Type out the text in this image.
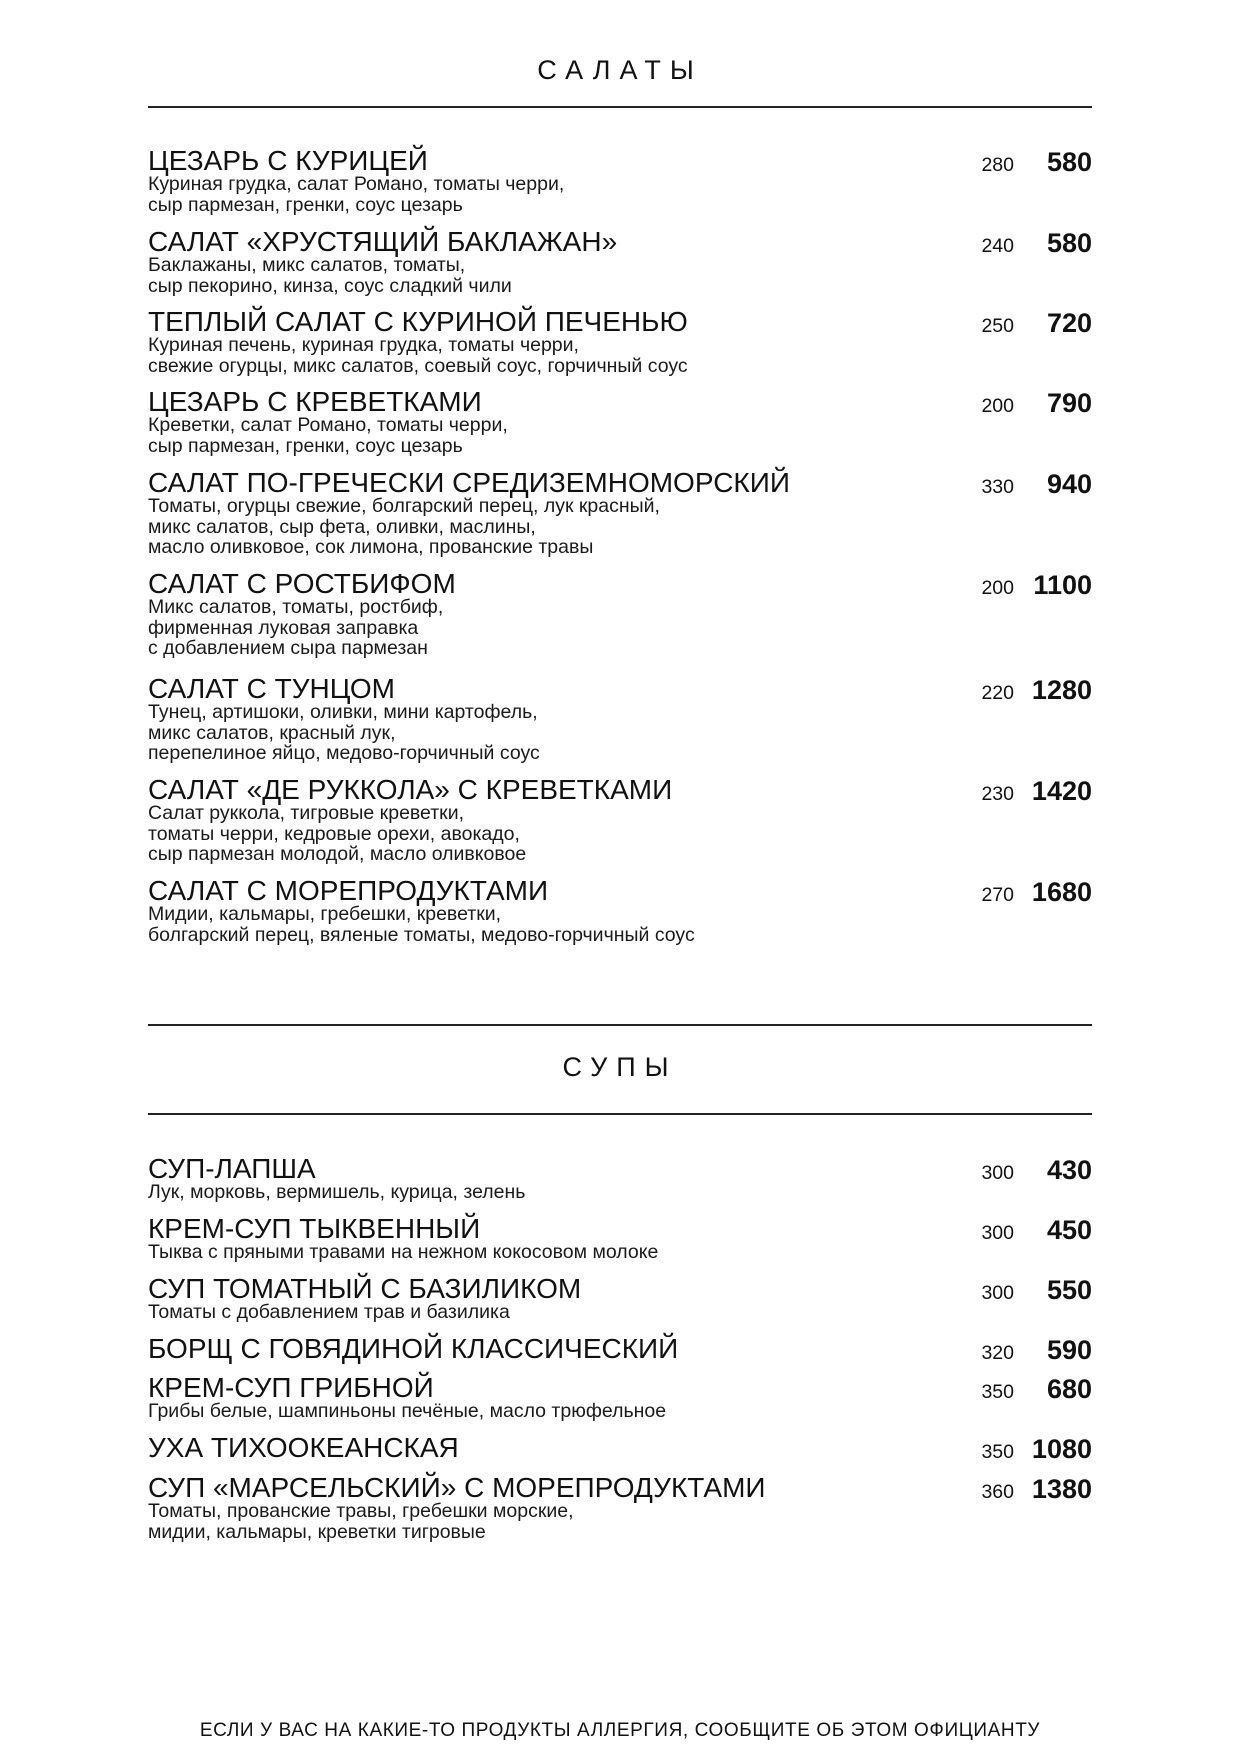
САЛАТЫ
ЦЕЗАРЬ С КУРИЦЕЙ
Куриная грудка, салат Романо, томаты черри,
сыр пармезан, гренки, соус цезарь
280	580
САЛАТ «ХРУСТЯЩИЙ БАКЛАЖАН»
Баклажаны, микс салатов, томаты,
сыр пекорино, кинза, соус сладкий чили
240	580
ТЕПЛЫЙ САЛАТ С КУРИНОЙ ПЕЧЕНЬЮ
Куриная печень, куриная грудка, томаты черри,
свежие огурцы, микс салатов, соевый соус, горчичный соус
250	720
ЦЕЗАРЬ С КРЕВЕТКАМИ
Креветки, салат Романо, томаты черри,
сыр пармезан, гренки, соус цезарь
200	790
САЛАТ ПО-ГРЕЧЕСКИ СРЕДИЗЕМНОМОРСКИЙ
Томаты, огурцы свежие, болгарский перец, лук красный,
микс салатов, сыр фета, оливки, маслины,
масло оливковое, сок лимона, прованские травы
330	940
САЛАТ С РОСТБИФОМ
Микс салатов, томаты, ростбиф,
фирменная луковая заправка
с добавлением сыра пармезан
200 1100
САЛАТ С ТУНЦОМ
Тунец, артишоки, оливки, мини картофель,
микс салатов, красный лук,
перепелиное яйцо, медово-горчичный соус
220 1280
САЛАТ «ДЕ РУККОЛА» С КРЕВЕТКАМИ
Салат руккола, тигровые креветки,
томаты черри, кедровые орехи, авокадо,
сыр пармезан молодой, масло оливковое
230 1420
САЛАТ С МОРЕПРОДУКТАМИ
Мидии, кальмары, гребешки, креветки,
болгарский перец, вяленые томаты, медово-горчичный соус
270 1680
СУПЫ
СУП-ЛАПША
Лук, морковь, вермишель, курица, зелень
300	430
КРЕМ-СУП ТЫКВЕННЫЙ
Тыква с пряными травами на нежном кокосовом молоке
300	450
СУП ТОМАТНЫЙ С БАЗИЛИКОМ
Томаты с добавлением трав и базилика
300	550
БОРЩ С ГОВЯДИНОЙ КЛАССИЧЕСКИЙ	320	590
КРЕМ-СУП ГРИБНОЙ
Грибы белые, шампиньоны печёные, масло трюфельное
350	680
УХА ТИХООКЕАНСКАЯ	350 1080
СУП «МАРСЕЛЬСКИЙ» С МОРЕПРОДУКТАМИ
Томаты, прованские травы, гребешки морские,
мидии, кальмары, креветки тигровые
360 1380
ЕСЛИ У ВАС НА КАКИЕ-ТО ПРОДУКТЫ АЛЛЕРГИЯ, СООБЩИТЕ ОБ ЭТОМ ОФИЦИАНТУ
